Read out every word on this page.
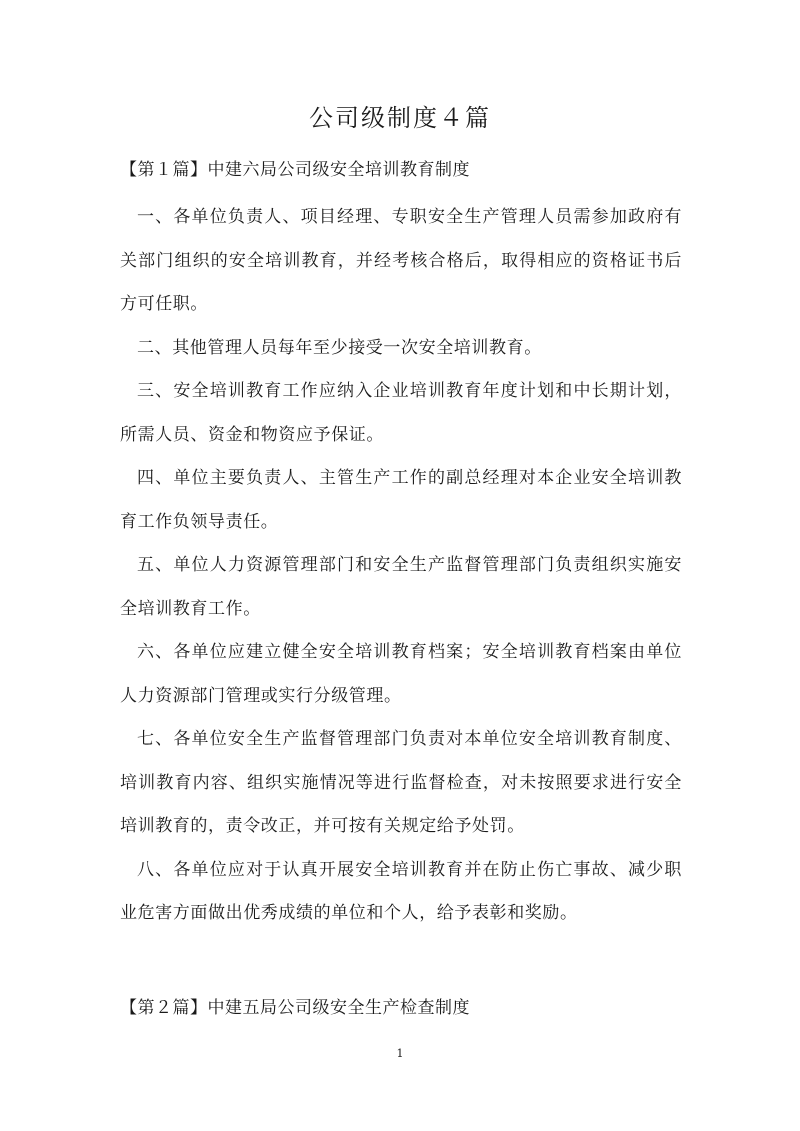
公司级制度４篇

【第１篇】中建六局公司级安全培训教育制度

一、各单位负责人、项目经理、专职安全生产管理人员需参加政府有关部门组织的安全培训教育，并经考核合格后，取得相应的资格证书后方可任职。

二、其他管理人员每年至少接受一次安全培训教育。

三、安全培训教育工作应纳入企业培训教育年度计划和中长期计划，所需人员、资金和物资应予保证。

四、单位主要负责人、主管生产工作的副总经理对本企业安全培训教育工作负领导责任。

五、单位人力资源管理部门和安全生产监督管理部门负责组织实施安全培训教育工作。

六、各单位应建立健全安全培训教育档案；安全培训教育档案由单位人力资源部门管理或实行分级管理。

七、各单位安全生产监督管理部门负责对本单位安全培训教育制度、培训教育内容、组织实施情况等进行监督检查，对未按照要求进行安全培训教育的，责令改正，并可按有关规定给予处罚。

八、各单位应对于认真开展安全培训教育并在防止伤亡事故、减少职业危害方面做出优秀成绩的单位和个人，给予表彰和奖励。

【第２篇】中建五局公司级安全生产检查制度

1
